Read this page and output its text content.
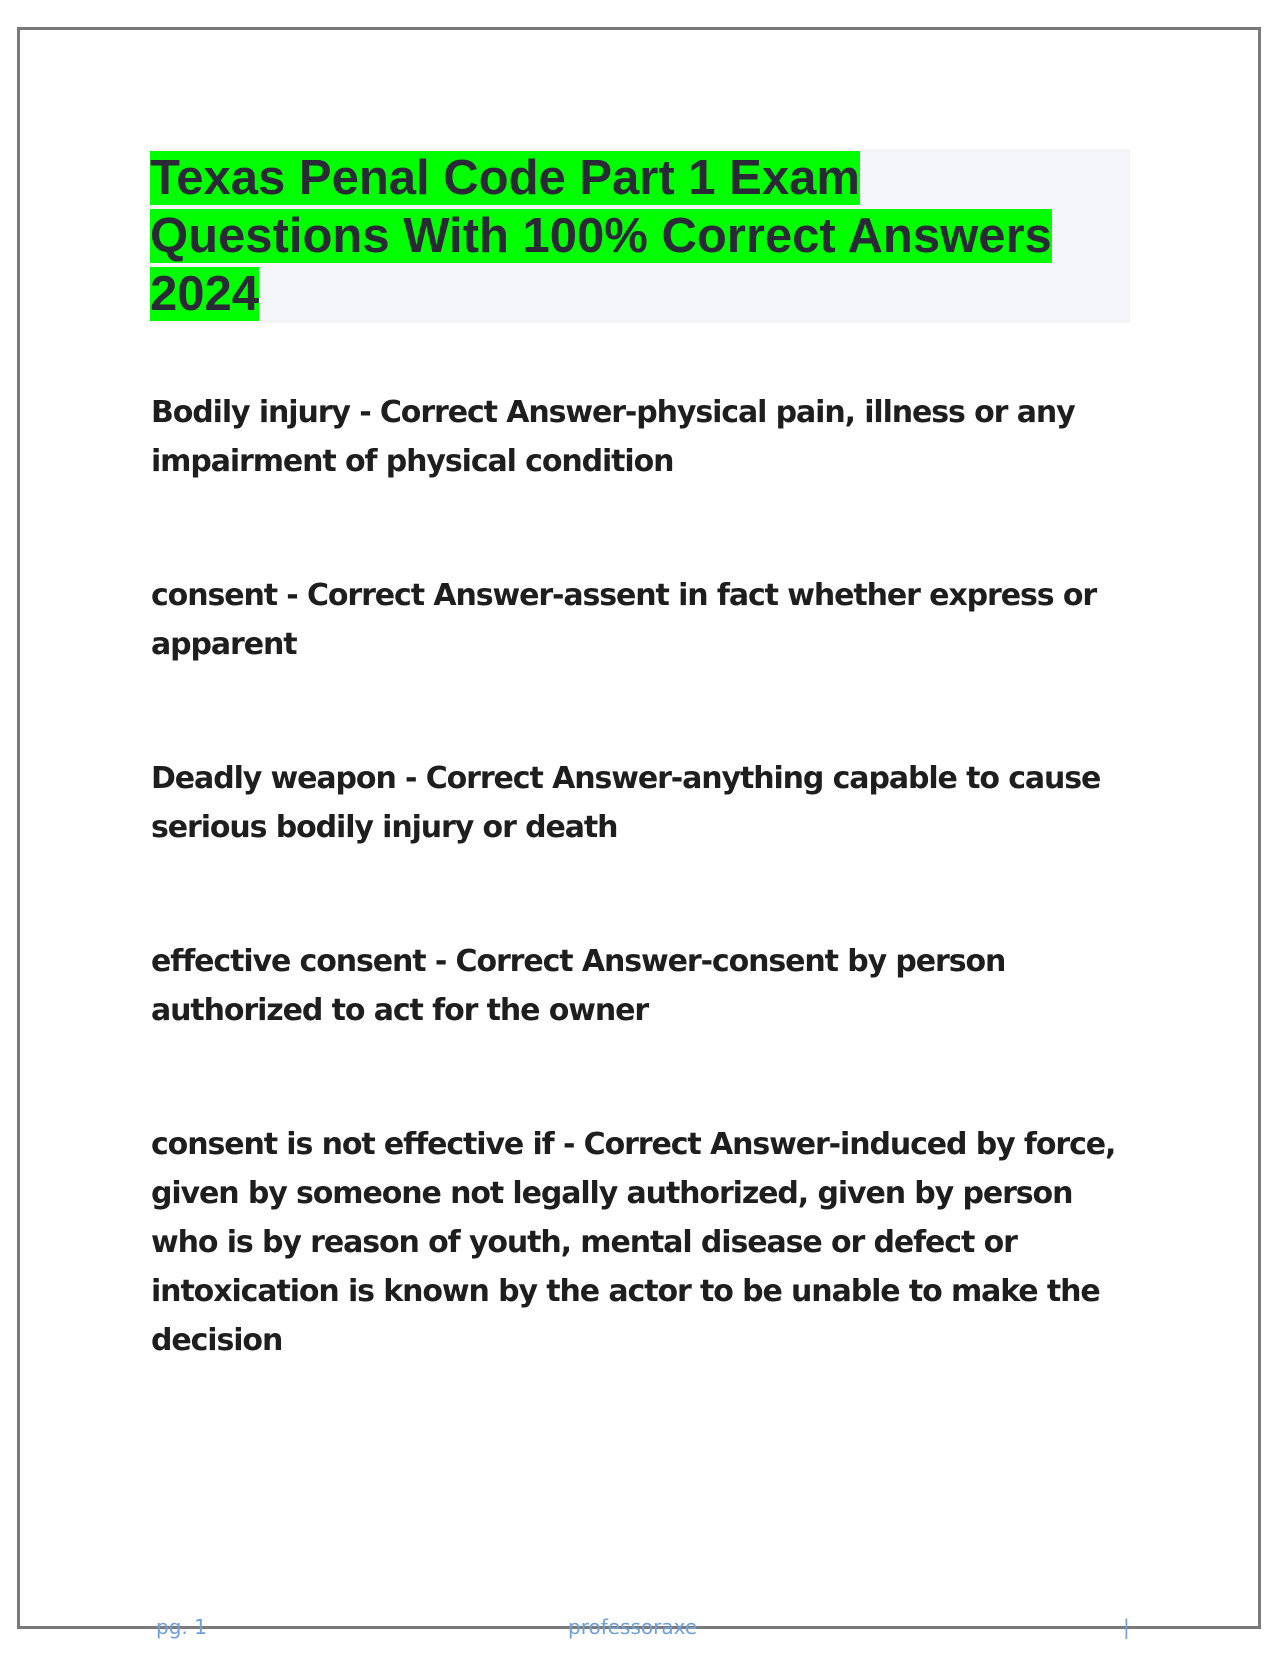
Texas Penal Code Part 1 Exam Questions With 100% Correct Answers 2024

Bodily injury - Correct Answer-physical pain, illness or any impairment of physical condition

consent - Correct Answer-assent in fact whether express or apparent

Deadly weapon - Correct Answer-anything capable to cause serious bodily injury or death

effective consent - Correct Answer-consent by person authorized to act for the owner

consent is not effective if - Correct Answer-induced by force, given by someone not legally authorized, given by person who is by reason of youth, mental disease or defect or intoxication is known by the actor to be unable to make the decision

pg. 1	professoraxe	|
